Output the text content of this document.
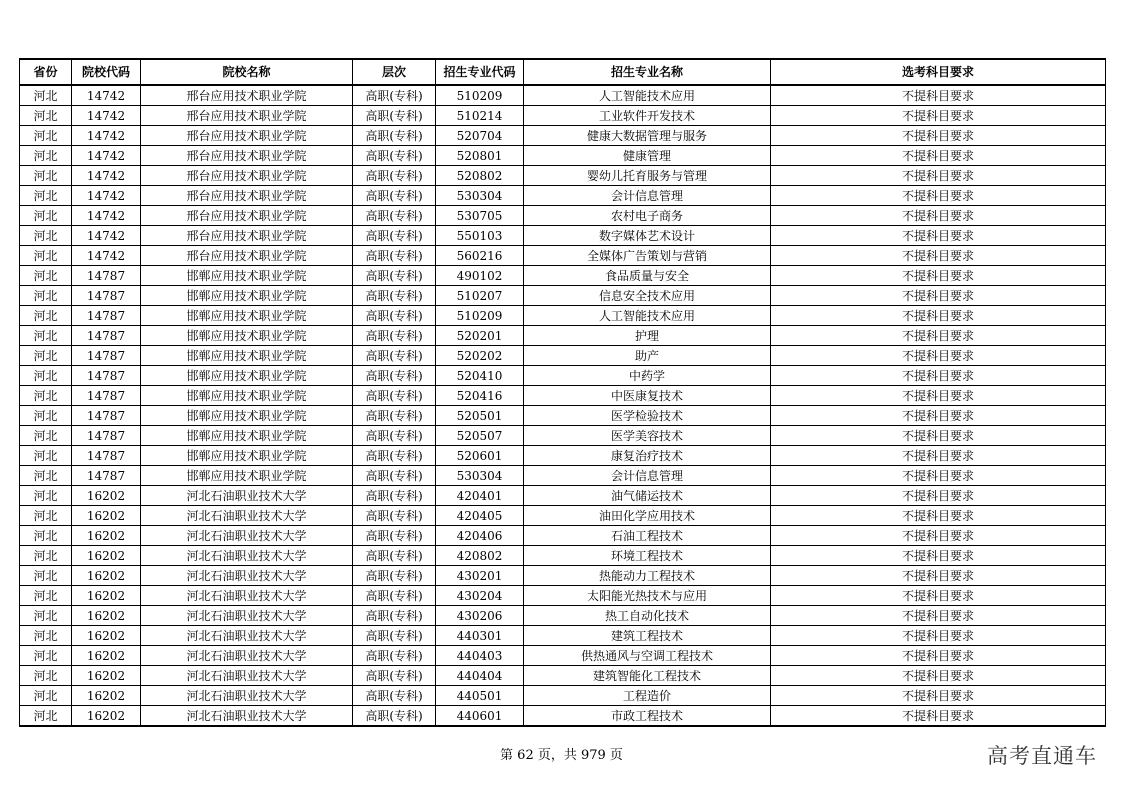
省份	院校代码	院校名称	层次	招生专业代码	招生专业名称	选考科目要求
河北	14742	邢台应用技术职业学院	高职(专科)	510209	人工智能技术应用	不提科目要求
河北	14742	邢台应用技术职业学院	高职(专科)	510214	工业软件开发技术	不提科目要求
河北	14742	邢台应用技术职业学院	高职(专科)	520704	健康大数据管理与服务	不提科目要求
河北	14742	邢台应用技术职业学院	高职(专科)	520801	健康管理	不提科目要求
河北	14742	邢台应用技术职业学院	高职(专科)	520802	婴幼儿托育服务与管理	不提科目要求
河北	14742	邢台应用技术职业学院	高职(专科)	530304	会计信息管理	不提科目要求
河北	14742	邢台应用技术职业学院	高职(专科)	530705	农村电子商务	不提科目要求
河北	14742	邢台应用技术职业学院	高职(专科)	550103	数字媒体艺术设计	不提科目要求
河北	14742	邢台应用技术职业学院	高职(专科)	560216	全媒体广告策划与营销	不提科目要求
河北	14787	邯郸应用技术职业学院	高职(专科)	490102	食品质量与安全	不提科目要求
河北	14787	邯郸应用技术职业学院	高职(专科)	510207	信息安全技术应用	不提科目要求
河北	14787	邯郸应用技术职业学院	高职(专科)	510209	人工智能技术应用	不提科目要求
河北	14787	邯郸应用技术职业学院	高职(专科)	520201	护理	不提科目要求
河北	14787	邯郸应用技术职业学院	高职(专科)	520202	助产	不提科目要求
河北	14787	邯郸应用技术职业学院	高职(专科)	520410	中药学	不提科目要求
河北	14787	邯郸应用技术职业学院	高职(专科)	520416	中医康复技术	不提科目要求
河北	14787	邯郸应用技术职业学院	高职(专科)	520501	医学检验技术	不提科目要求
河北	14787	邯郸应用技术职业学院	高职(专科)	520507	医学美容技术	不提科目要求
河北	14787	邯郸应用技术职业学院	高职(专科)	520601	康复治疗技术	不提科目要求
河北	14787	邯郸应用技术职业学院	高职(专科)	530304	会计信息管理	不提科目要求
河北	16202	河北石油职业技术大学	高职(专科)	420401	油气储运技术	不提科目要求
河北	16202	河北石油职业技术大学	高职(专科)	420405	油田化学应用技术	不提科目要求
河北	16202	河北石油职业技术大学	高职(专科)	420406	石油工程技术	不提科目要求
河北	16202	河北石油职业技术大学	高职(专科)	420802	环境工程技术	不提科目要求
河北	16202	河北石油职业技术大学	高职(专科)	430201	热能动力工程技术	不提科目要求
河北	16202	河北石油职业技术大学	高职(专科)	430204	太阳能光热技术与应用	不提科目要求
河北	16202	河北石油职业技术大学	高职(专科)	430206	热工自动化技术	不提科目要求
河北	16202	河北石油职业技术大学	高职(专科)	440301	建筑工程技术	不提科目要求
河北	16202	河北石油职业技术大学	高职(专科)	440403	供热通风与空调工程技术	不提科目要求
河北	16202	河北石油职业技术大学	高职(专科)	440404	建筑智能化工程技术	不提科目要求
河北	16202	河北石油职业技术大学	高职(专科)	440501	工程造价	不提科目要求
河北	16202	河北石油职业技术大学	高职(专科)	440601	市政工程技术	不提科目要求
第 62 页，共 979 页	高考直通车
